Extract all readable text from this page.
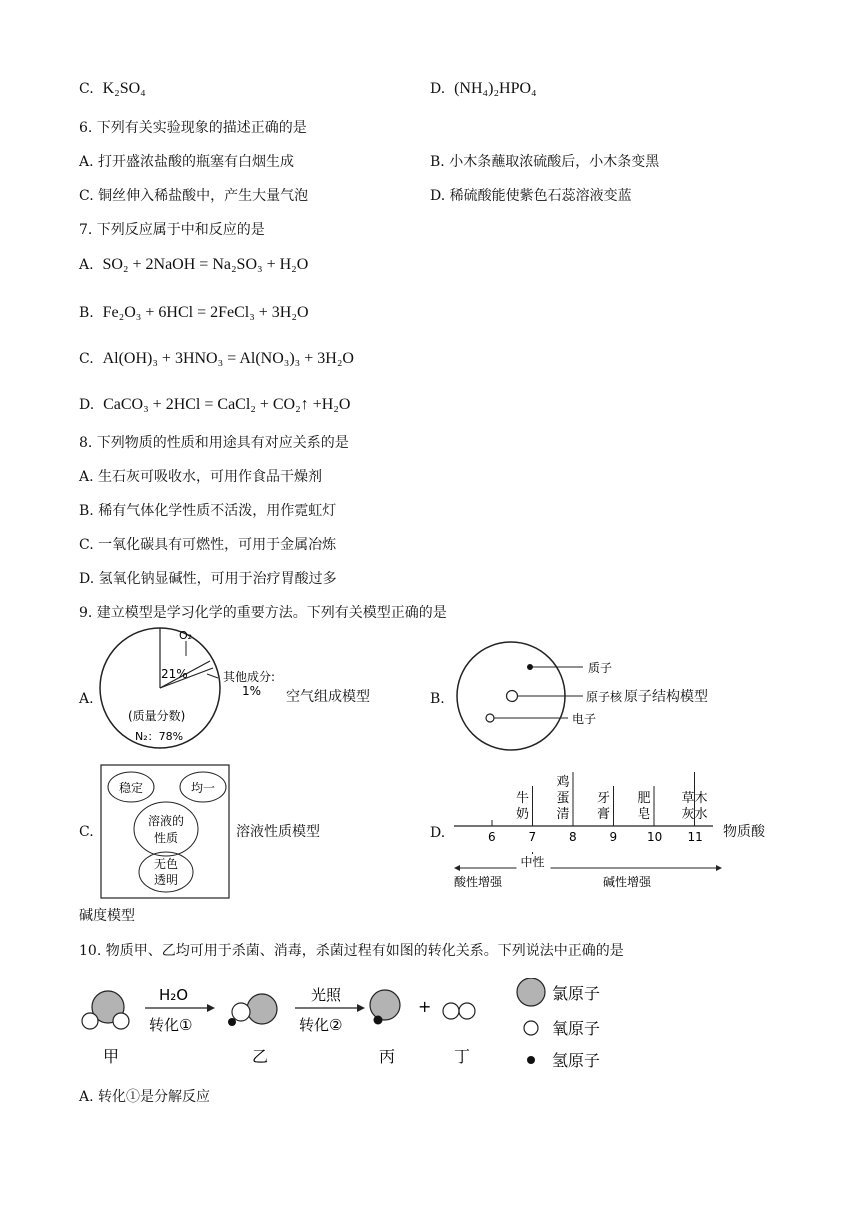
C. K₂SO₄	D. (NH₄)₂HPO₄
6. 下列有关实验现象的描述正确的是
A. 打开盛浓盐酸的瓶塞有白烟生成	B. 小木条蘸取浓硫酸后，小木条变黑
C. 铜丝伸入稀盐酸中，产生大量气泡	D. 稀硫酸能使紫色石蕊溶液变蓝
7. 下列反应属于中和反应的是
A. SO₂ + 2NaOH = Na₂SO₃ + H₂O
B. Fe₂O₃ + 6HCl = 2FeCl₃ + 3H₂O
C. Al(OH)₃ + 3HNO₃ = Al(NO₃)₃ + 3H₂O
D. CaCO₃ + 2HCl = CaCl₂ + CO₂↑ +H₂O
8. 下列物质的性质和用途具有对应关系的是
A. 生石灰可吸收水，可用作食品干燥剂
B. 稀有气体化学性质不活泼，用作霓虹灯
C. 一氧化碳具有可燃性，可用于金属冶炼
D. 氢氧化钠显碱性，可用于治疗胃酸过多
9. 建立模型是学习化学的重要方法。下列有关模型正确的是
A.
O₂
21%	其他成分:
1%
(质量分数)
N₂：78%
空气组成模型	B.
质子
原子核
电子
原子结构模型
C.
稳定	均一
溶液的
性质
无色
透明
溶液性质模型	D.	6	7	8	9 10 11
牛奶
鸡蛋清
牙膏
肥皂
草木灰水
中性
酸性增强	碱性增强
物质酸
碱度模型
10. 物质甲、乙均可用于杀菌、消毒，杀菌过程有如图的转化关系。下列说法中正确的是
甲
H₂O
转化①
乙
光照
转化②
丙
+
丁
氯原子
氧原子
氢原子
A. 转化①是分解反应
